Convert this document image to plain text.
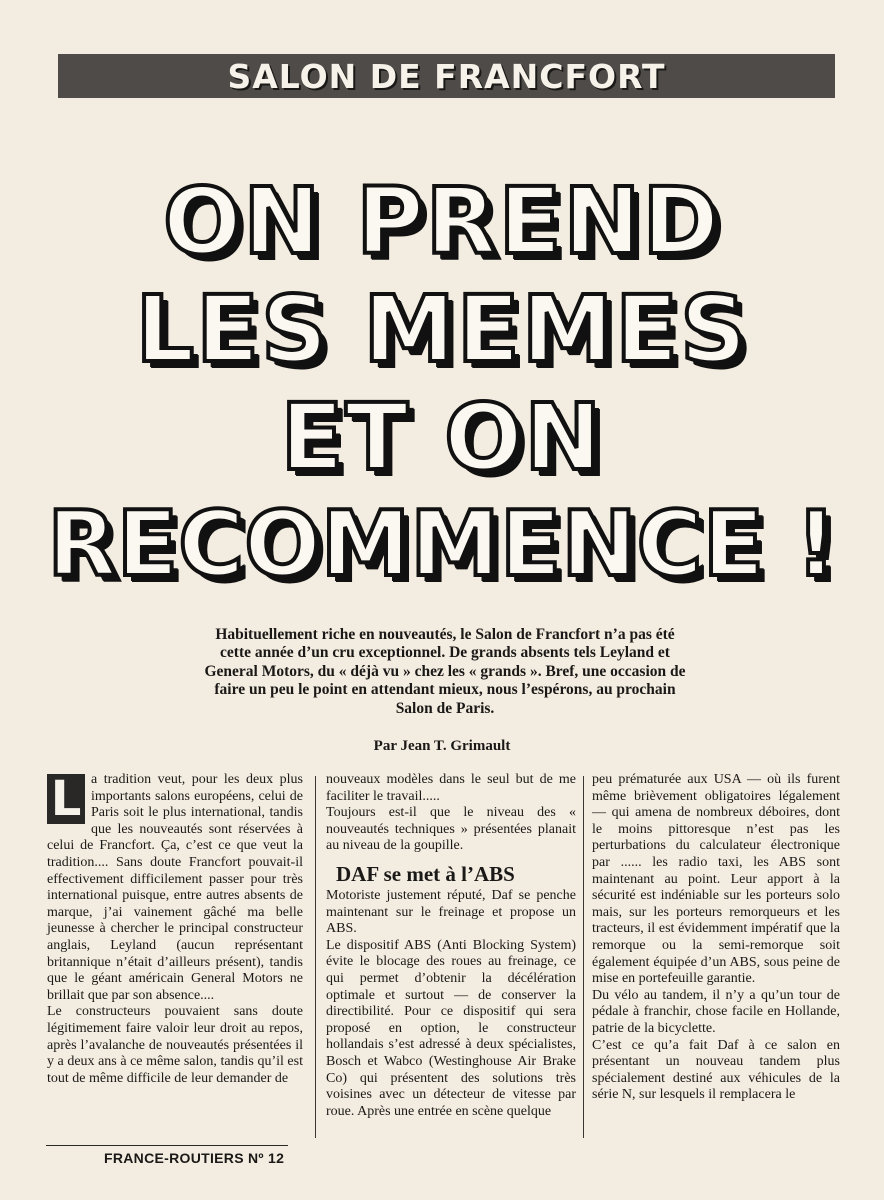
SALON DE FRANCFORT
ON PREND
LES MEMES
ET ON
RECOMMENCE !
Habituellement riche en nouveautés, le Salon de Francfort n’a pas été cette année d’un cru exceptionnel. De grands absents tels Leyland et General Motors, du « déjà vu » chez les « grands ». Bref, une occasion de faire un peu le point en attendant mieux, nous l’espérons, au prochain Salon de Paris.
Par Jean T. Grimault

L a tradition veut, pour les deux plus importants salons européens, celui de Paris soit le plus international, tandis que les nouveautés sont réservées à celui de Francfort. Ça, c’est ce que veut la tradition.... Sans doute Francfort pouvait-il effectivement difficilement passer pour très international puisque, entre autres absents de marque, j’ai vainement gâché ma belle jeunesse à chercher le principal constructeur anglais, Leyland (aucun représentant britannique n’était d’ailleurs présent), tandis que le géant américain General Motors ne brillait que par son absence....

Le constructeurs pouvaient sans doute légitimement faire valoir leur droit au repos, après l’avalanche de nouveautés présentées il y a deux ans à ce même salon, tandis qu’il est tout de même difficile de leur demander de

nouveaux modèles dans le seul but de me faciliter le travail.....

Toujours est-il que le niveau des « nouveautés techniques » présentées planait au niveau de la goupille.

DAF se met à l’ABS

Motoriste justement réputé, Daf se penche maintenant sur le freinage et propose un ABS.

Le dispositif ABS (Anti Blocking System) évite le blocage des roues au freinage, ce qui permet d’obtenir la décélération optimale et surtout — de conserver la directibilité. Pour ce dispositif qui sera proposé en option, le constructeur hollandais s’est adressé à deux spécialistes, Bosch et Wabco (Westinghouse Air Brake Co) qui présentent des solutions très voisines avec un détecteur de vitesse par roue. Après une entrée en scène quelque

peu prématurée aux USA — où ils furent même brièvement obligatoires légalement — qui amena de nombreux déboires, dont le moins pittoresque n’est pas les perturbations du calculateur électronique par ...... les radio taxi, les ABS sont maintenant au point. Leur apport à la sécurité est indéniable sur les porteurs solo mais, sur les porteurs remorqueurs et les tracteurs, il est évidemment impératif que la remorque ou la semi-remorque soit également équipée d’un ABS, sous peine de mise en portefeuille garantie.

Du vélo au tandem, il n’y a qu’un tour de pédale à franchir, chose facile en Hollande, patrie de la bicyclette.

C’est ce qu’a fait Daf à ce salon en présentant un nouveau tandem plus spécialement destiné aux véhicules de la série N, sur lesquels il remplacera le

FRANCE-ROUTIERS Nº 12
